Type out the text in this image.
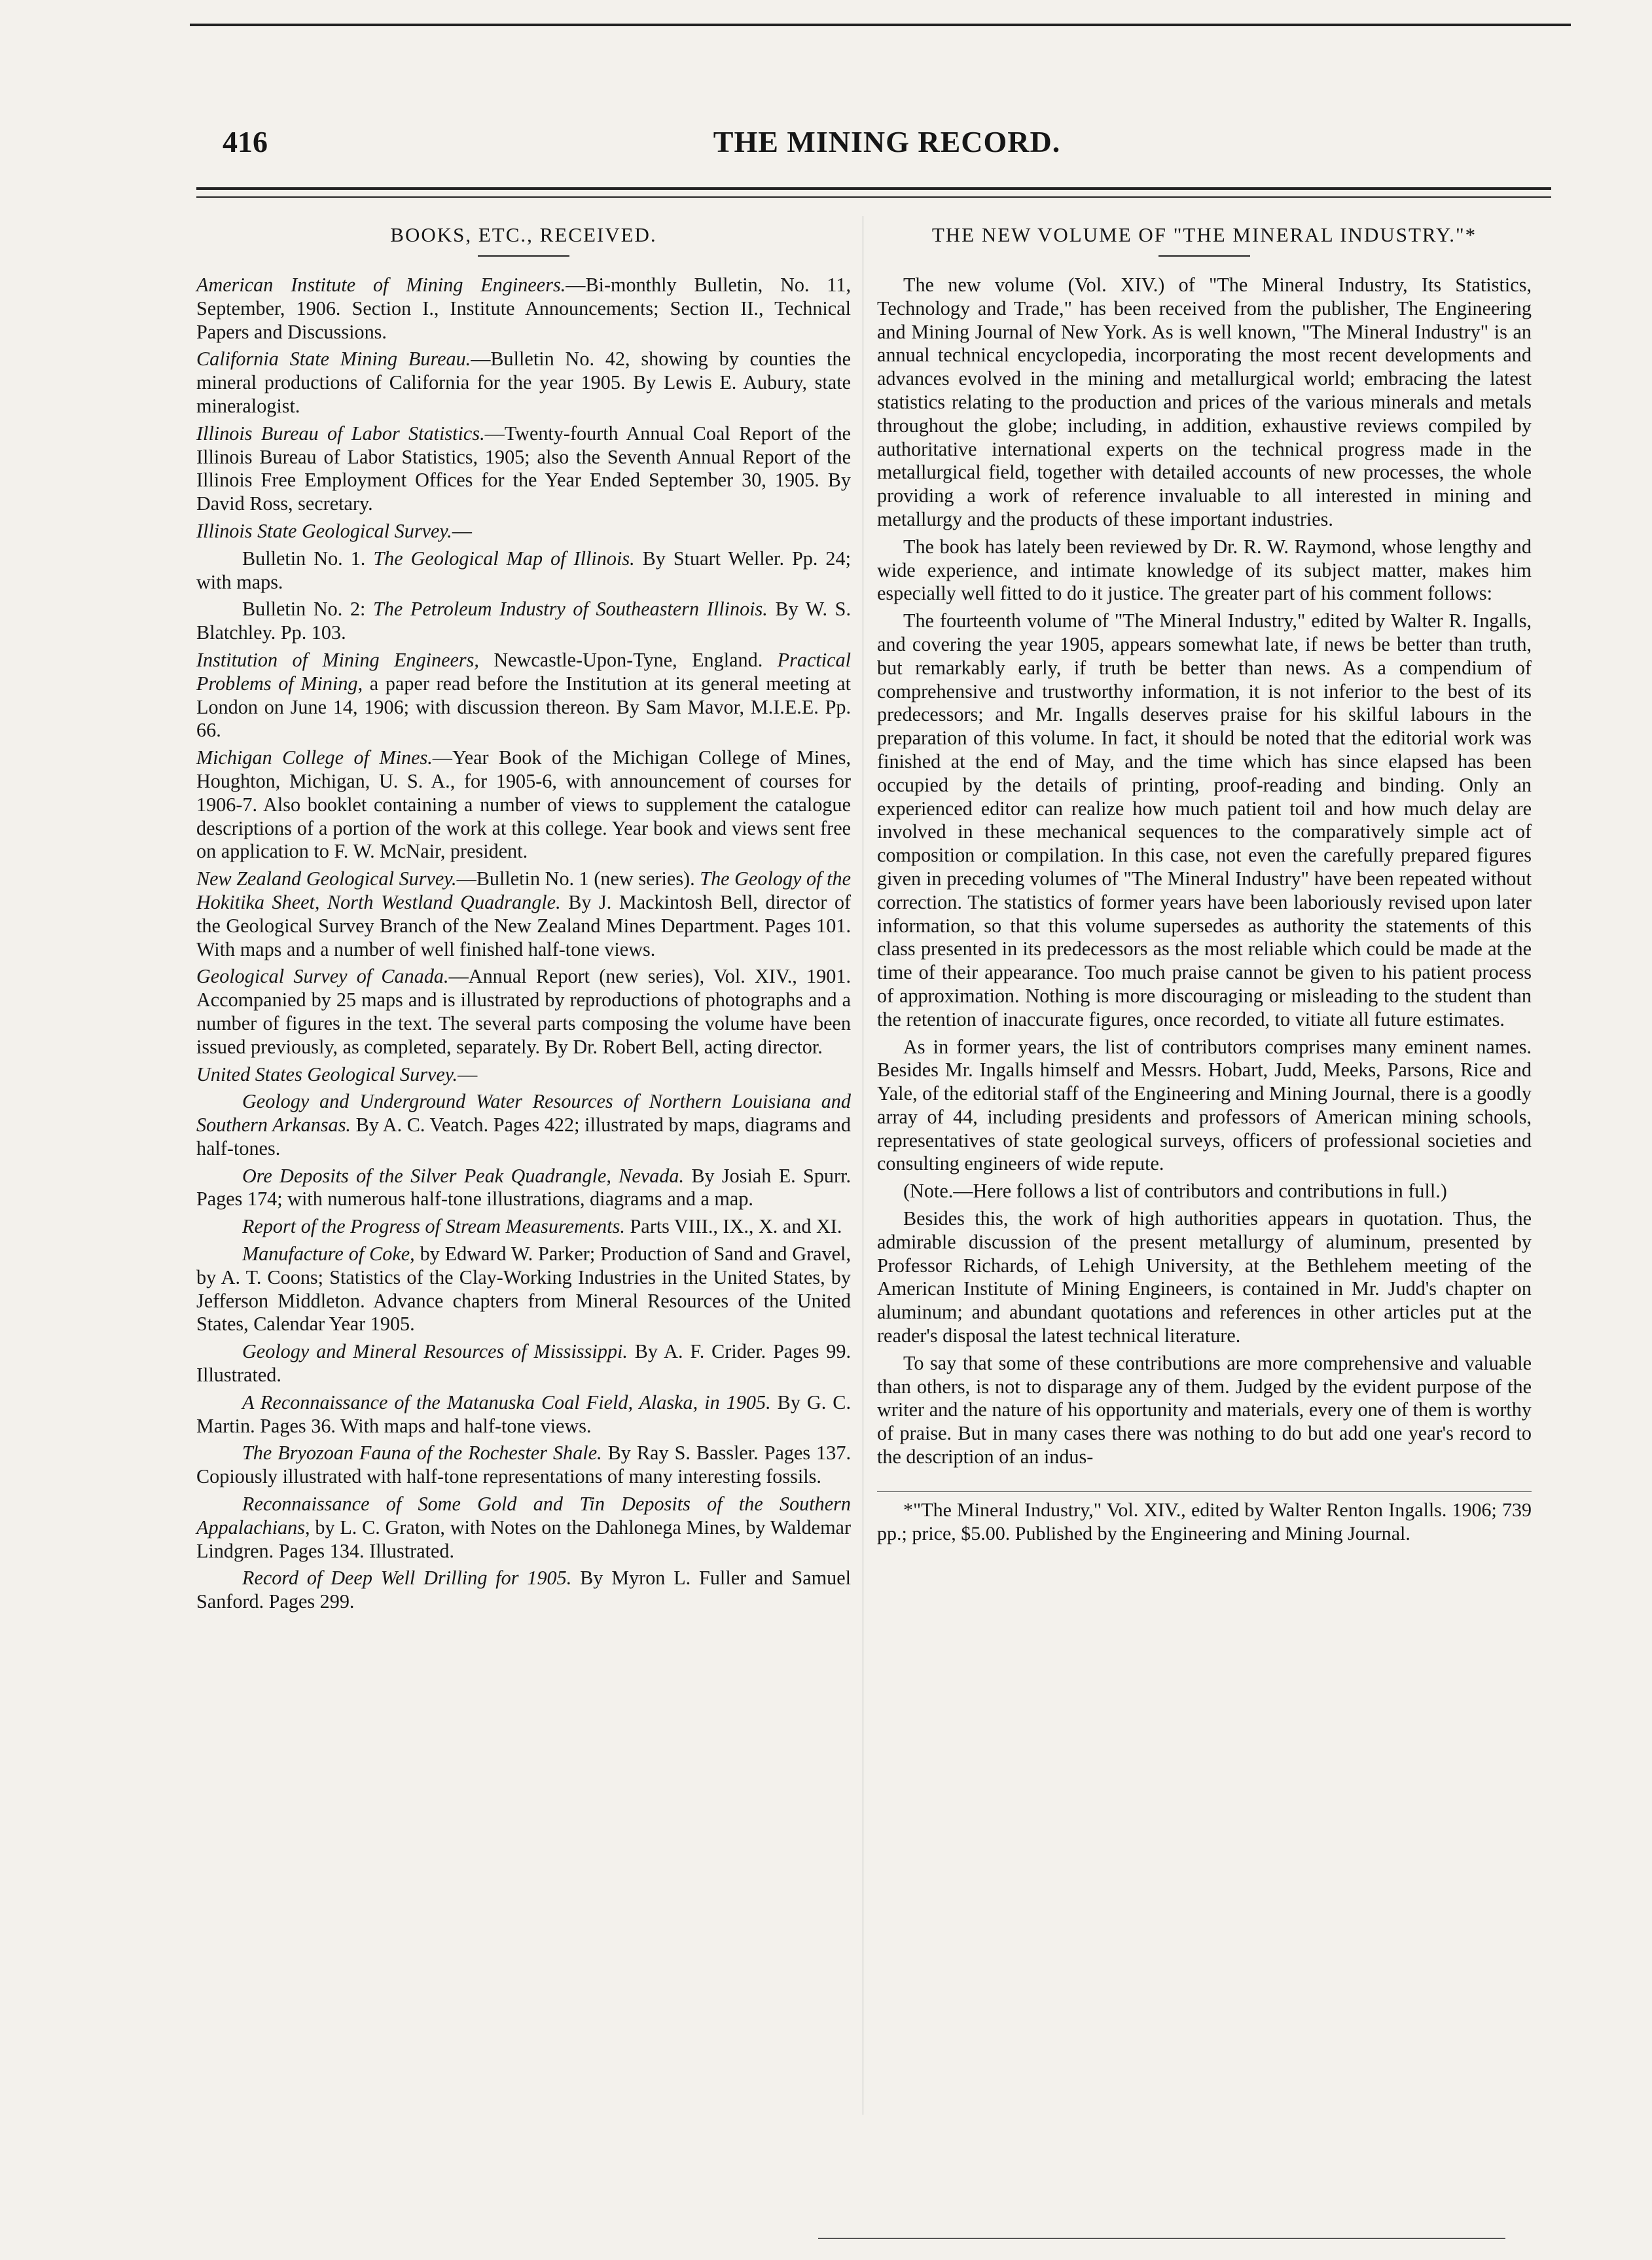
416	THE MINING RECORD.
BOOKS, ETC., RECEIVED.

American Institute of Mining Engineers.—Bi-monthly Bulletin, No. 11, September, 1906. Section I., Institute Announcements; Section II., Technical Papers and Discussions.

California State Mining Bureau.—Bulletin No. 42, showing by counties the mineral productions of California for the year 1905. By Lewis E. Aubury, state mineralogist.

Illinois Bureau of Labor Statistics.—Twenty-fourth Annual Coal Report of the Illinois Bureau of Labor Statistics, 1905; also the Seventh Annual Report of the Illinois Free Employment Offices for the Year Ended September 30, 1905. By David Ross, secretary.

Illinois State Geological Survey.—

Bulletin No. 1. The Geological Map of Illinois. By Stuart Weller. Pp. 24; with maps.

Bulletin No. 2: The Petroleum Industry of Southeastern Illinois. By W. S. Blatchley. Pp. 103.

Institution of Mining Engineers, Newcastle-Upon-Tyne, England. Practical Problems of Mining, a paper read before the Institution at its general meeting at London on June 14, 1906; with discussion thereon. By Sam Mavor, M.I.E.E. Pp. 66.

Michigan College of Mines.—Year Book of the Michigan College of Mines, Houghton, Michigan, U. S. A., for 1905-6, with announcement of courses for 1906-7. Also booklet containing a number of views to supplement the catalogue descriptions of a portion of the work at this college. Year book and views sent free on application to F. W. McNair, president.

New Zealand Geological Survey.—Bulletin No. 1 (new series). The Geology of the Hokitika Sheet, North Westland Quadrangle. By J. Mackintosh Bell, director of the Geological Survey Branch of the New Zealand Mines Department. Pages 101. With maps and a number of well finished half-tone views.

Geological Survey of Canada.—Annual Report (new series), Vol. XIV., 1901. Accompanied by 25 maps and is illustrated by reproductions of photographs and a number of figures in the text. The several parts composing the volume have been issued previously, as completed, separately. By Dr. Robert Bell, acting director.

United States Geological Survey.—

Geology and Underground Water Resources of Northern Louisiana and Southern Arkansas. By A. C. Veatch. Pages 422; illustrated by maps, diagrams and half-tones.

Ore Deposits of the Silver Peak Quadrangle, Nevada. By Josiah E. Spurr. Pages 174; with numerous half-tone illustrations, diagrams and a map.

Report of the Progress of Stream Measurements. Parts VIII., IX., X. and XI.

Manufacture of Coke, by Edward W. Parker; Production of Sand and Gravel, by A. T. Coons; Statistics of the Clay-Working Industries in the United States, by Jefferson Middleton. Advance chapters from Mineral Resources of the United States, Calendar Year 1905.

Geology and Mineral Resources of Mississippi. By A. F. Crider. Pages 99. Illustrated.

A Reconnaissance of the Matanuska Coal Field, Alaska, in 1905. By G. C. Martin. Pages 36. With maps and half-tone views.

The Bryozoan Fauna of the Rochester Shale. By Ray S. Bassler. Pages 137. Copiously illustrated with half-tone representations of many interesting fossils.

Reconnaissance of Some Gold and Tin Deposits of the Southern Appalachians, by L. C. Graton, with Notes on the Dahlonega Mines, by Waldemar Lindgren. Pages 134. Illustrated.

Record of Deep Well Drilling for 1905. By Myron L. Fuller and Samuel Sanford. Pages 299.

THE NEW VOLUME OF "THE MINERAL INDUSTRY."*

The new volume (Vol. XIV.) of "The Mineral Industry, Its Statistics, Technology and Trade," has been received from the publisher, The Engineering and Mining Journal of New York. As is well known, "The Mineral Industry" is an annual technical encyclopedia, incorporating the most recent developments and advances evolved in the mining and metallurgical world; embracing the latest statistics relating to the production and prices of the various minerals and metals throughout the globe; including, in addition, exhaustive reviews compiled by authoritative international experts on the technical progress made in the metallurgical field, together with detailed accounts of new processes, the whole providing a work of reference invaluable to all interested in mining and metallurgy and the products of these important industries.

The book has lately been reviewed by Dr. R. W. Raymond, whose lengthy and wide experience, and intimate knowledge of its subject matter, makes him especially well fitted to do it justice. The greater part of his comment follows:

The fourteenth volume of "The Mineral Industry," edited by Walter R. Ingalls, and covering the year 1905, appears somewhat late, if news be better than truth, but remarkably early, if truth be better than news. As a compendium of comprehensive and trustworthy information, it is not inferior to the best of its predecessors; and Mr. Ingalls deserves praise for his skilful labours in the preparation of this volume. In fact, it should be noted that the editorial work was finished at the end of May, and the time which has since elapsed has been occupied by the details of printing, proof-reading and binding. Only an experienced editor can realize how much patient toil and how much delay are involved in these mechanical sequences to the comparatively simple act of composition or compilation. In this case, not even the carefully prepared figures given in preceding volumes of "The Mineral Industry" have been repeated without correction. The statistics of former years have been laboriously revised upon later information, so that this volume supersedes as authority the statements of this class presented in its predecessors as the most reliable which could be made at the time of their appearance. Too much praise cannot be given to his patient process of approximation. Nothing is more discouraging or misleading to the student than the retention of inaccurate figures, once recorded, to vitiate all future estimates.

As in former years, the list of contributors comprises many eminent names. Besides Mr. Ingalls himself and Messrs. Hobart, Judd, Meeks, Parsons, Rice and Yale, of the editorial staff of the Engineering and Mining Journal, there is a goodly array of 44, including presidents and professors of American mining schools, representatives of state geological surveys, officers of professional societies and consulting engineers of wide repute.

(Note.—Here follows a list of contributors and contributions in full.)

Besides this, the work of high authorities appears in quotation. Thus, the admirable discussion of the present metallurgy of aluminum, presented by Professor Richards, of Lehigh University, at the Bethlehem meeting of the American Institute of Mining Engineers, is contained in Mr. Judd's chapter on aluminum; and abundant quotations and references in other articles put at the reader's disposal the latest technical literature.

To say that some of these contributions are more comprehensive and valuable than others, is not to disparage any of them. Judged by the evident purpose of the writer and the nature of his opportunity and materials, every one of them is worthy of praise. But in many cases there was nothing to do but add one year's record to the description of an indus-

*"The Mineral Industry," Vol. XIV., edited by Walter Renton Ingalls. 1906; 739 pp.; price, $5.00. Published by the Engineering and Mining Journal.
